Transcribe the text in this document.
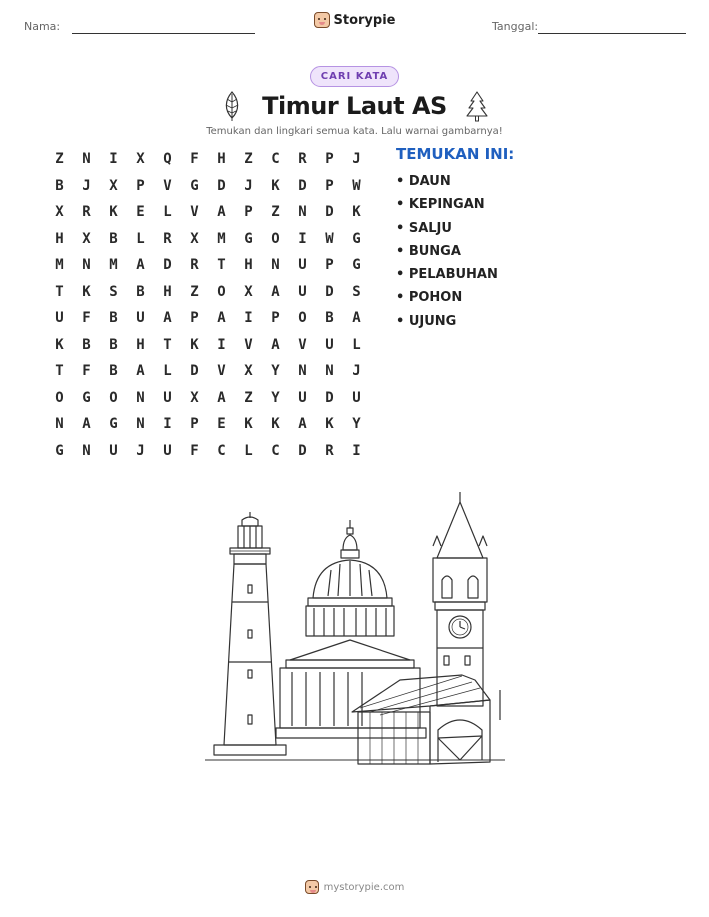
Nama:	Storypie	Tanggal:
CARI KATA
Timur Laut AS
Temukan dan lingkari semua kata. Lalu warnai gambarnya!
Z	N	I	X	Q	F	H	Z	C	R	P	J
B	J	X	P	V	G	D	J	K	D	P	W
X	R	K	E	L	V	A	P	Z	N	D	K
H	X	B	L	R	X	M	G	O	I	W	G
M	N	M	A	D	R	T	H	N	U	P	G
T	K	S	B	H	Z	O	X	A	U	D	S
U	F	B	U	A	P	A	I	P	O	B	A
K	B	B	H	T	K	I	V	A	V	U	L
T	F	B	A	L	D	V	X	Y	N	N	J
O	G	O	N	U	X	A	Z	Y	U	D	U
N	A	G	N	I	P	E	K	K	A	K	Y
G	N	U	J	U	F	C	L	C	D	R	I
TEMUKAN INI:
• DAUN
• KEPINGAN
• SALJU
• BUNGA
• PELABUHAN
• POHON
• UJUNG
mystorypie.com
